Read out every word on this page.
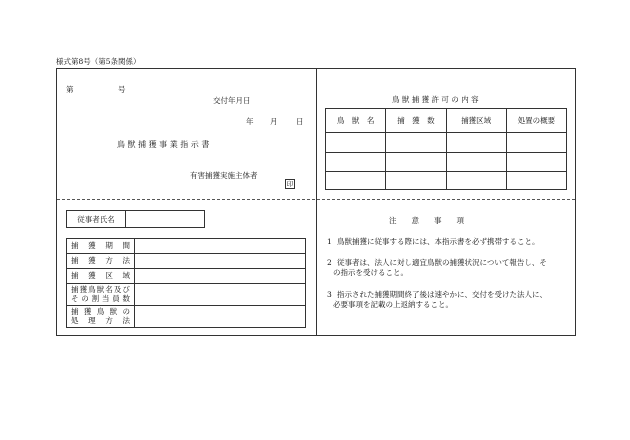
様式第8号（第5条関係）
第	号
交付年月日
年 月 日
鳥 獣 捕 獲 事 業 指 示 書
有害捕獲実施主体者
印
鳥 獣 捕 獲 許 可 の 内 容
鳥　獣　名	捕　獲　数	捕獲区域	処置の概要

従事者氏名	
捕獲期間	

捕獲方法	

捕獲区域	

捕獲鳥獣名及び
その割当員数	

捕獲鳥獣の
処理方法	

注　　意　　事　　項
1 鳥獣捕獲に従事する際には、本指示書を必ず携帯すること。
2 従事者は、法人に対し適宜鳥獣の捕獲状況について報告し、そ
の指示を受けること。
3 指示された捕獲期間終了後は速やかに、交付を受けた法人に、
必要事項を記載の上返納すること。
